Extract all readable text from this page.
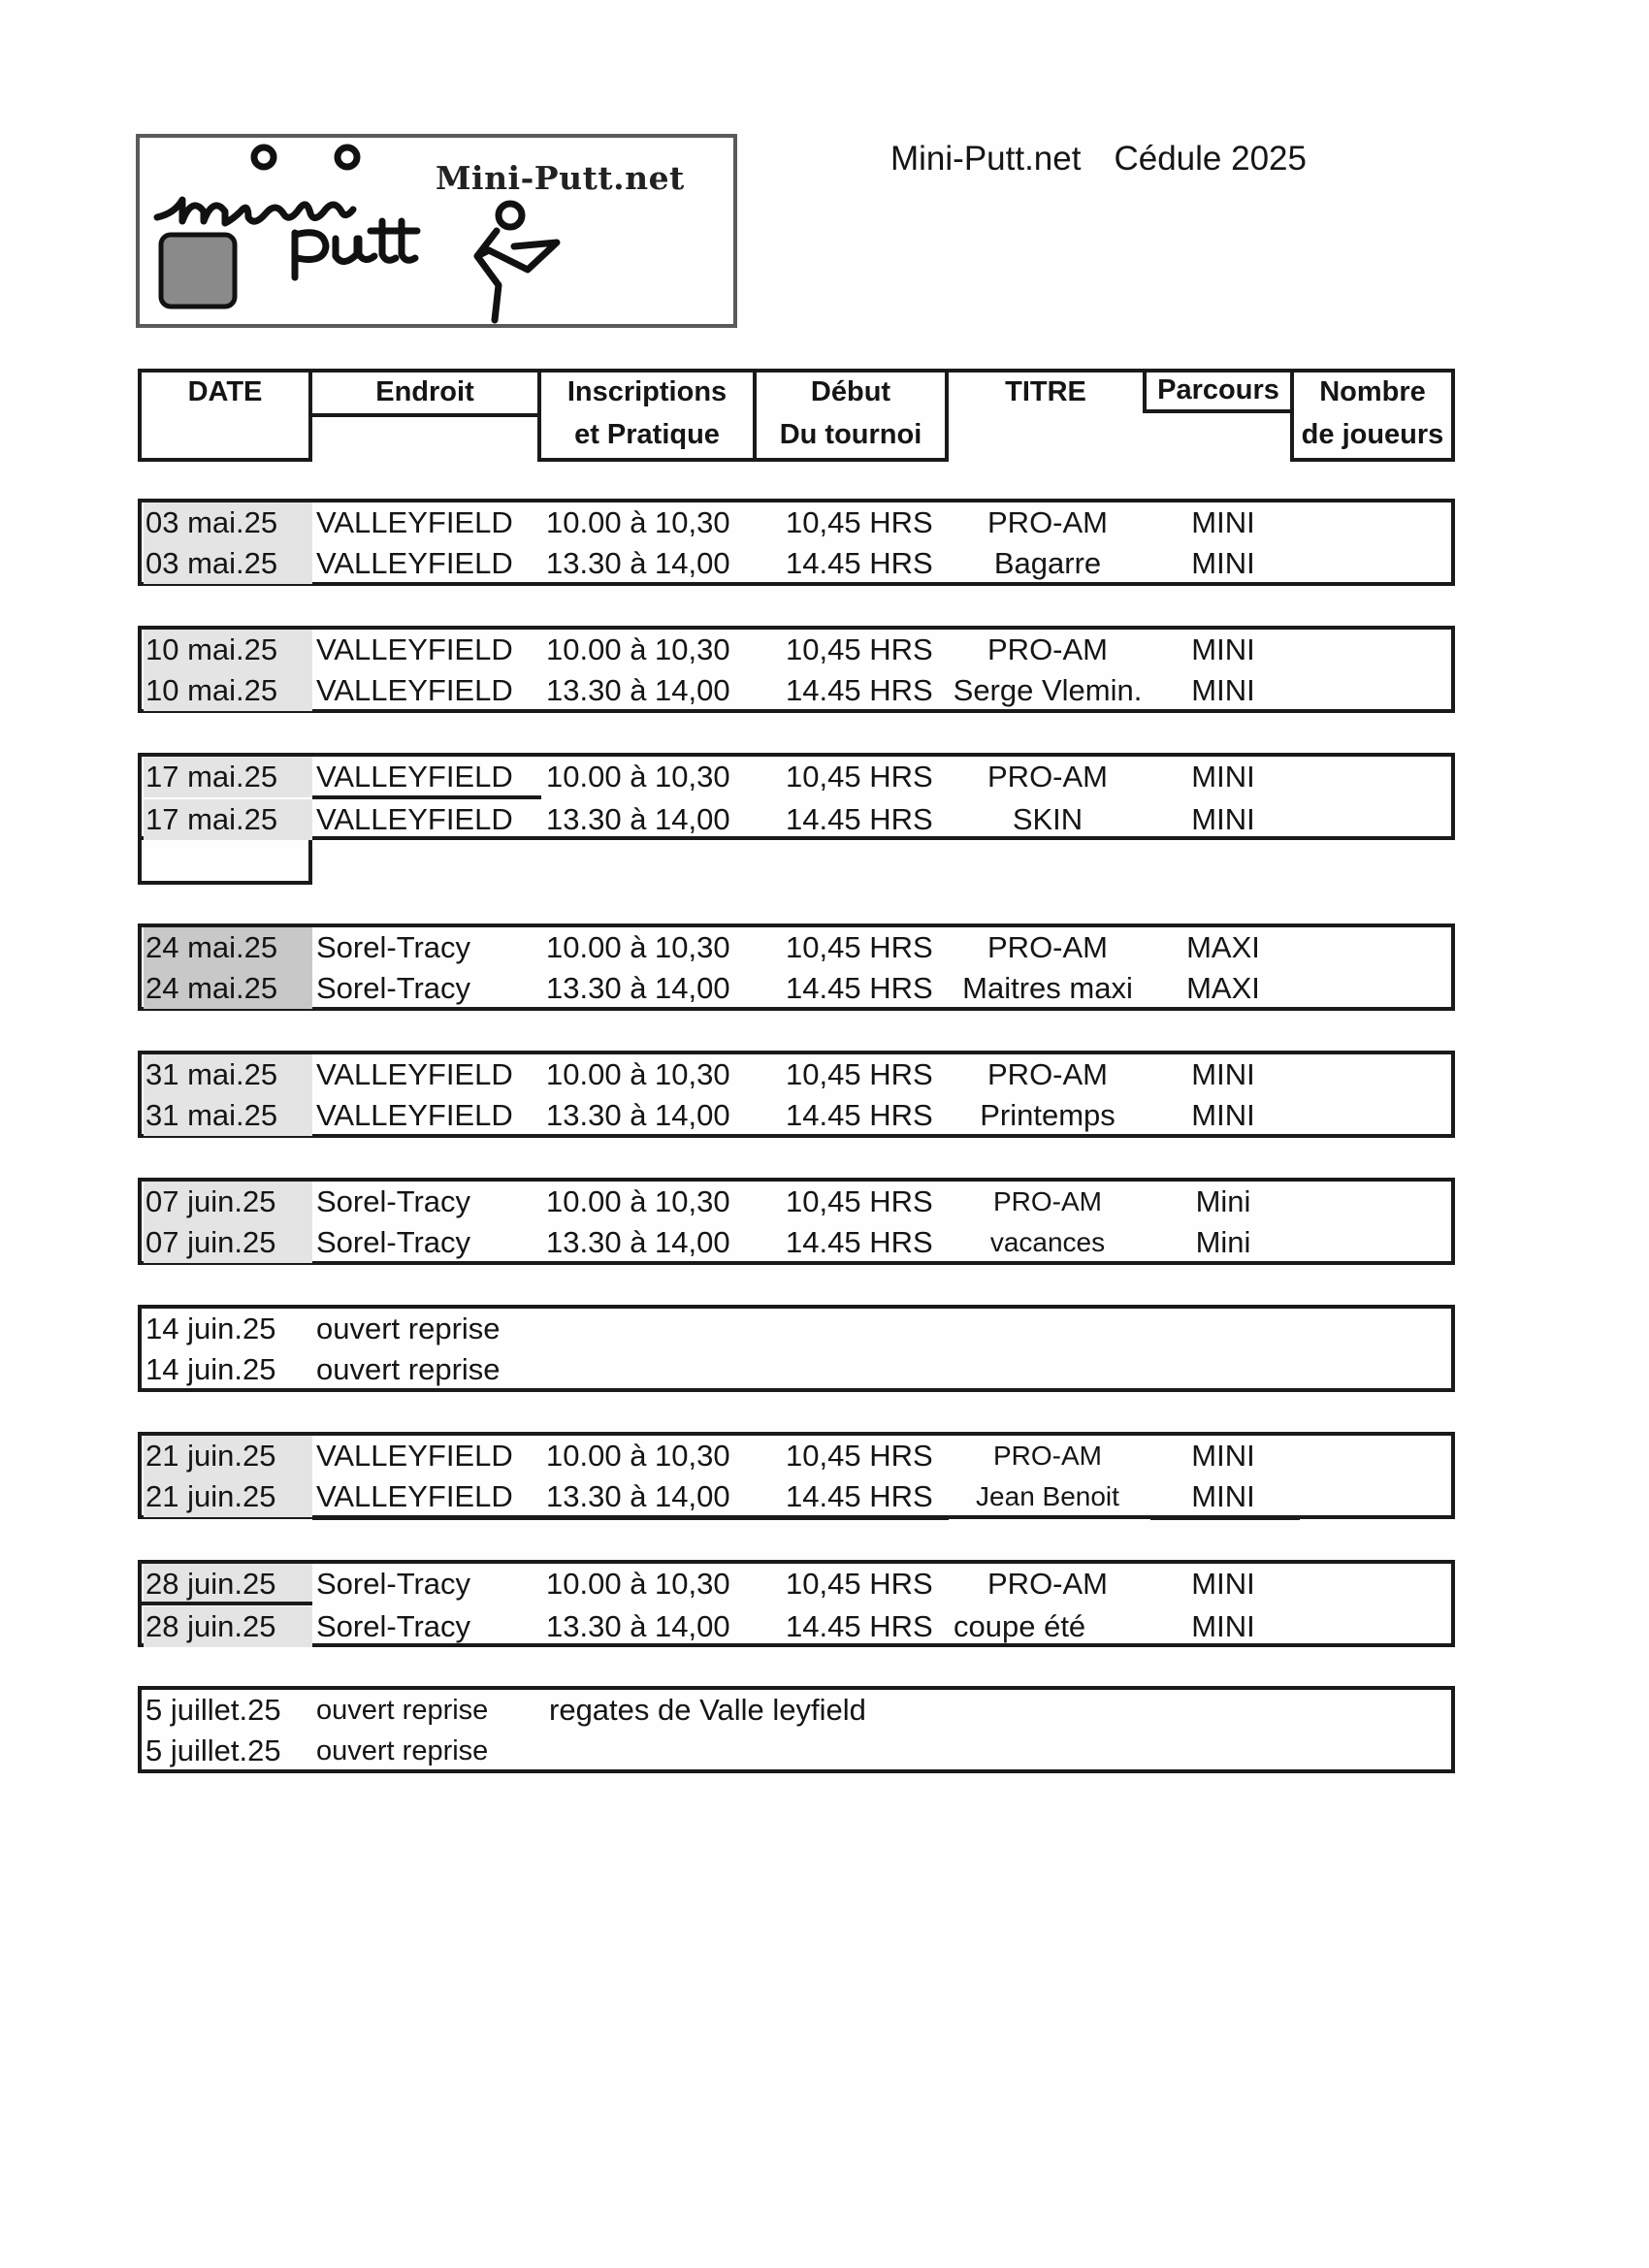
Mini-Putt.net
Mini-Putt.net Cédule 2025
DATE	Endroit	Inscriptions
et Pratique
Début
Du tournoi
TITRE	Parcours	Nombre
de joueurs
03 mai.25	VALLEYFIELD 10.00 à 10,30 10,45 HRS	PRO-AM	MINI
03 mai.25	VALLEYFIELD 13.30 à 14,00 14.45 HRS	Bagarre	MINI
10 mai.25	VALLEYFIELD 10.00 à 10,30 10,45 HRS	PRO-AM	MINI
10 mai.25	VALLEYFIELD 13.30 à 14,00 14.45 HRS Serge Vlemin.	MINI
17 mai.25	VALLEYFIELD 10.00 à 10,30 10,45 HRS	PRO-AM	MINI
17 mai.25	VALLEYFIELD 13.30 à 14,00 14.45 HRS	SKIN	MINI
24 mai.25	Sorel-Tracy	10.00 à 10,30 10,45 HRS	PRO-AM	MAXI
24 mai.25	Sorel-Tracy	13.30 à 14,00 14.45 HRS Maitres maxi	MAXI
31 mai.25	VALLEYFIELD 10.00 à 10,30 10,45 HRS	PRO-AM	MINI
31 mai.25	VALLEYFIELD 13.30 à 14,00 14.45 HRS	Printemps	MINI
07 juin.25	Sorel-Tracy	10.00 à 10,30 10,45 HRS	PRO-AM	Mini
07 juin.25	Sorel-Tracy	13.30 à 14,00 14.45 HRS	vacances	Mini
14 juin.25	ouvert reprise
14 juin.25	ouvert reprise
21 juin.25	VALLEYFIELD 10.00 à 10,30 10,45 HRS	PRO-AM	MINI
21 juin.25	VALLEYFIELD 13.30 à 14,00 14.45 HRS	Jean Benoit	MINI
28 juin.25	Sorel-Tracy	10.00 à 10,30 10,45 HRS	PRO-AM	MINI
28 juin.25	Sorel-Tracy	13.30 à 14,00 14.45 HRS coupe été	MINI
5 juillet.25	ouvert reprise regates de Valle leyfield
5 juillet.25	ouvert reprise
